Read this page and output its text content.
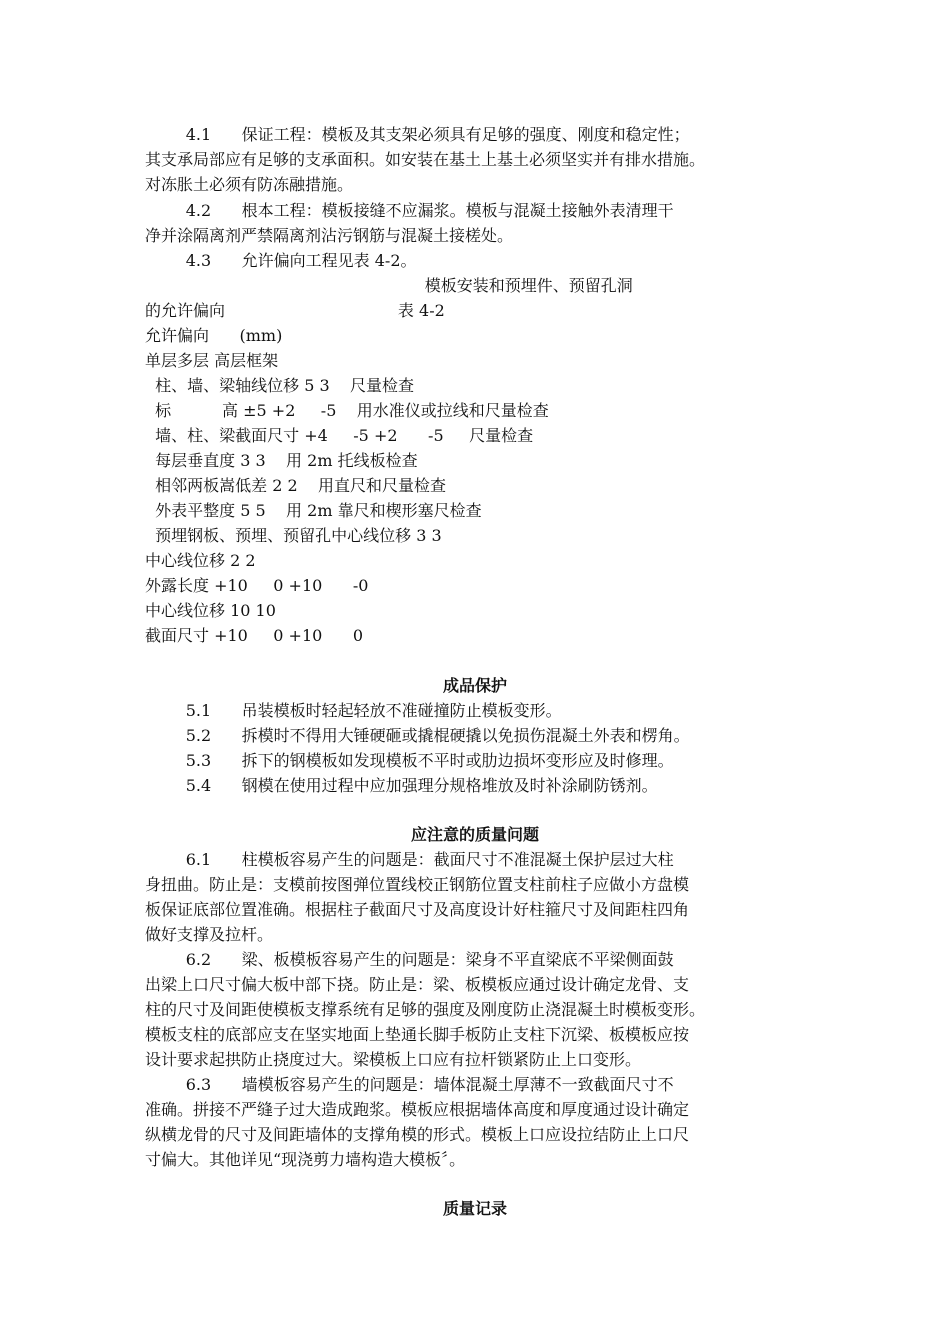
4.1      保证工程：模板及其支架必须具有足够的强度、刚度和稳定性；
其支承局部应有足够的支承面积。如安装在基土上基土必须坚实并有排水措施。
对冻胀土必须有防冻融措施。
4.2      根本工程：模板接缝不应漏浆。模板与混凝土接触外表清理干
净并涂隔离剂严禁隔离剂沾污钢筋与混凝土接槎处。
4.3      允许偏向工程见表 4-2。
模板安装和预埋件、预留孔洞
的允许偏向                                  表 4-2
允许偏向      (mm)
单层多层 高层框架
柱、墙、梁轴线位移 5 3    尺量检查
标          高 ±5 +2     -5    用水准仪或拉线和尺量检查
墙、柱、梁截面尺寸 +4     -5 +2      -5     尺量检查
每层垂直度 3 3    用 2m 托线板检查
相邻两板嵩低差 2 2    用直尺和尺量检查
外表平整度 5 5    用 2m 靠尺和楔形塞尺检查
预埋钢板、预埋、预留孔中心线位移 3 3
中心线位移 2 2
外露长度 +10     0 +10      -0
中心线位移 10 10
截面尺寸 +10     0 +10      0
成品保护
5.1      吊装模板时轻起轻放不准碰撞防止模板变形。
5.2      拆模时不得用大锤硬砸或撬棍硬撬以免损伤混凝土外表和楞角。
5.3      拆下的钢模板如发现模板不平时或肋边损坏变形应及时修理。
5.4      钢模在使用过程中应加强理分规格堆放及时补涂刷防锈剂。
应注意的质量问题
6.1      柱模板容易产生的问题是：截面尺寸不准混凝土保护层过大柱
身扭曲。防止是：支模前按图弹位置线校正钢筋位置支柱前柱子应做小方盘模
板保证底部位置准确。根据柱子截面尺寸及高度设计好柱箍尺寸及间距柱四角
做好支撑及拉杆。
6.2      梁、板模板容易产生的问题是：梁身不平直梁底不平梁侧面鼓
出梁上口尺寸偏大板中部下挠。防止是：梁、板模板应通过设计确定龙骨、支
柱的尺寸及间距使模板支撑系统有足够的强度及刚度防止浇混凝土时模板变形。
模板支柱的底部应支在坚实地面上垫通长脚手板防止支柱下沉梁、板模板应按
设计要求起拱防止挠度过大。梁模板上口应有拉杆锁紧防止上口变形。
6.3      墙模板容易产生的问题是：墙体混凝土厚薄不一致截面尺寸不
准确。拼接不严缝子过大造成跑浆。模板应根据墙体高度和厚度通过设计确定
纵横龙骨的尺寸及间距墙体的支撑角模的形式。模板上口应设拉结防止上口尺
寸偏大。其他详见“现浇剪力墙构造大模板〞。
质量记录
